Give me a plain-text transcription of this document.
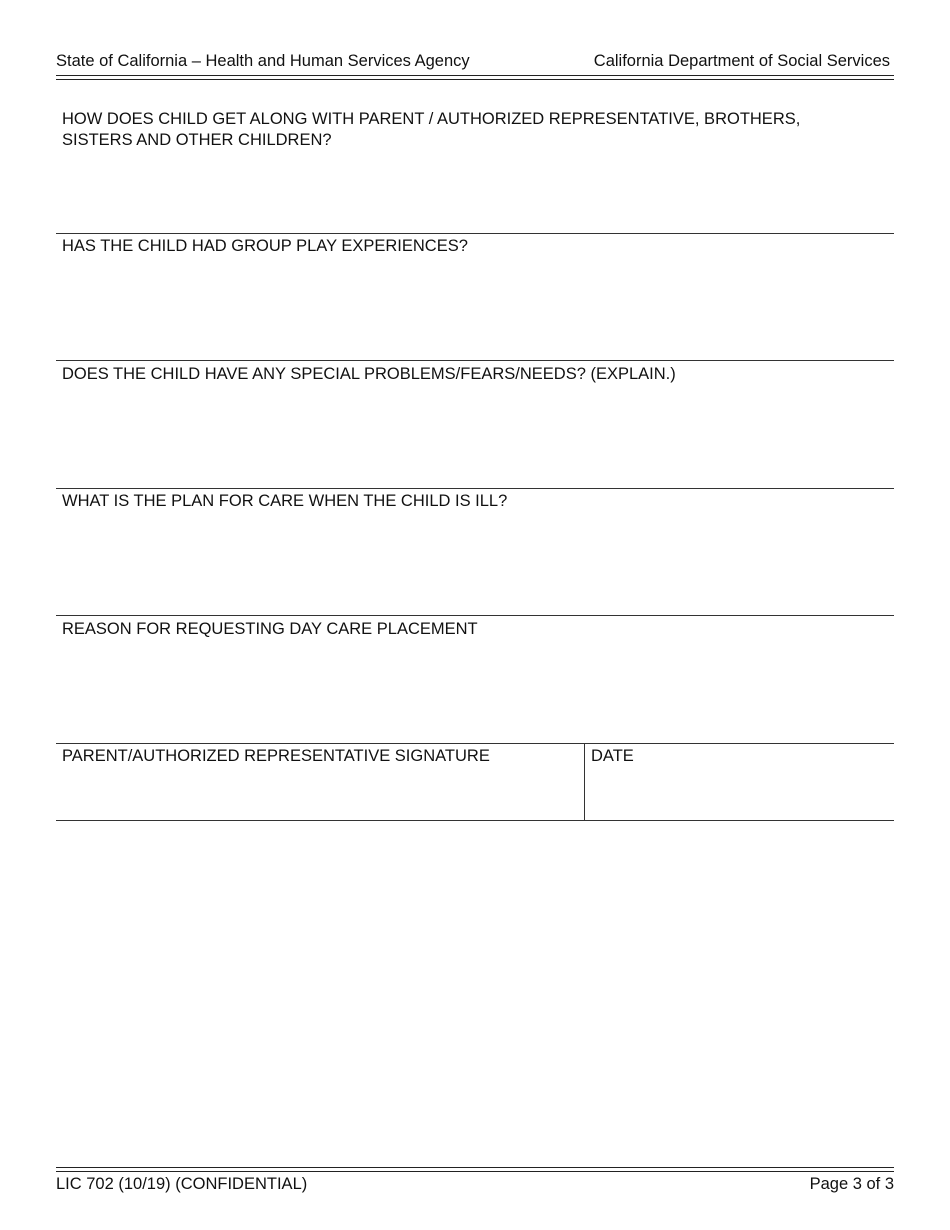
State of California – Health and Human Services Agency	California Department of Social Services
HOW DOES CHILD GET ALONG WITH PARENT / AUTHORIZED REPRESENTATIVE, BROTHERS, SISTERS AND OTHER CHILDREN?
HAS THE CHILD HAD GROUP PLAY EXPERIENCES?
DOES THE CHILD HAVE ANY SPECIAL PROBLEMS/FEARS/NEEDS? (EXPLAIN.)
WHAT IS THE PLAN FOR CARE WHEN THE CHILD IS ILL?
REASON FOR REQUESTING DAY CARE PLACEMENT
PARENT/AUTHORIZED REPRESENTATIVE SIGNATURE	DATE
LIC 702 (10/19) (CONFIDENTIAL)	Page 3 of 3
